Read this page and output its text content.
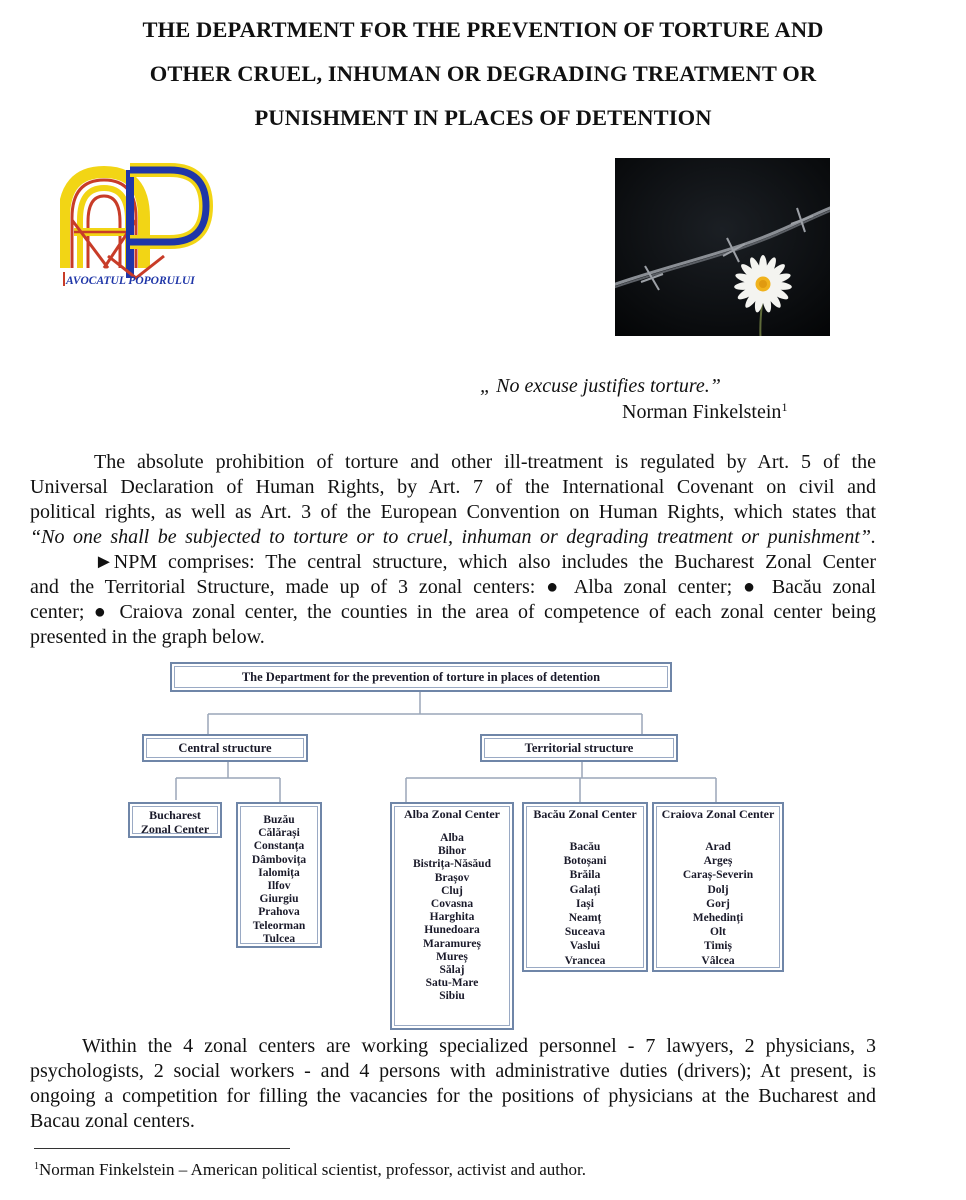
THE DEPARTMENT FOR THE PREVENTION OF TORTURE AND
OTHER CRUEL, INHUMAN OR DEGRADING TREATMENT OR
PUNISHMENT IN PLACES OF DETENTION
AVOCATUL POPORULUI
„ No excuse justifies torture.”
Norman Finkelstein$^1$
The absolute prohibition of torture and other ill-treatment is regulated by Art. 5 of the
Universal Declaration of Human Rights, by Art. 7 of the International Covenant on civil and
political rights, as well as Art. 3 of the European Convention on Human Rights, which states that
“No one shall be subjected to torture or to cruel, inhuman or degrading treatment or punishment”.
►NPM comprises: The central structure, which also includes the Bucharest Zonal Center
and the Territorial Structure, made up of 3 zonal centers: ● Alba zonal center; ● Bacău zonal
center; ● Craiova zonal center, the counties in the area of competence of each zonal center being
presented in the graph below.
The Department for the prevention of torture in places of detention
Central structure	Territorial structure
Bucharest
Zonal Center
Buzău
Călărași
Constanța
Dâmbovița
Ialomița
Ilfov
Giurgiu
Prahova
Teleorman
Tulcea
Alba Zonal Center
Alba
Bihor
Bistrița-Năsăud
Brașov
Cluj
Covasna
Harghita
Hunedoara
Maramureș
Mureș
Sălaj
Satu-Mare
Sibiu
Bacău Zonal Center
Bacău
Botoșani
Brăila
Galați
Iași
Neamț
Suceava
Vaslui
Vrancea
Craiova Zonal Center
Arad
Argeș
Caraș-Severin
Dolj
Gorj
Mehedinți
Olt
Timiș
Vâlcea
Within the 4 zonal centers are working specialized personnel - 7 lawyers, 2 physicians, 3
psychologists, 2 social workers - and 4 persons with administrative duties (drivers); At present, is
ongoing a competition for filling the vacancies for the positions of physicians at the Bucharest and
Bacau zonal centers.
$^1$Norman Finkelstein – American political scientist, professor, activist and author.
